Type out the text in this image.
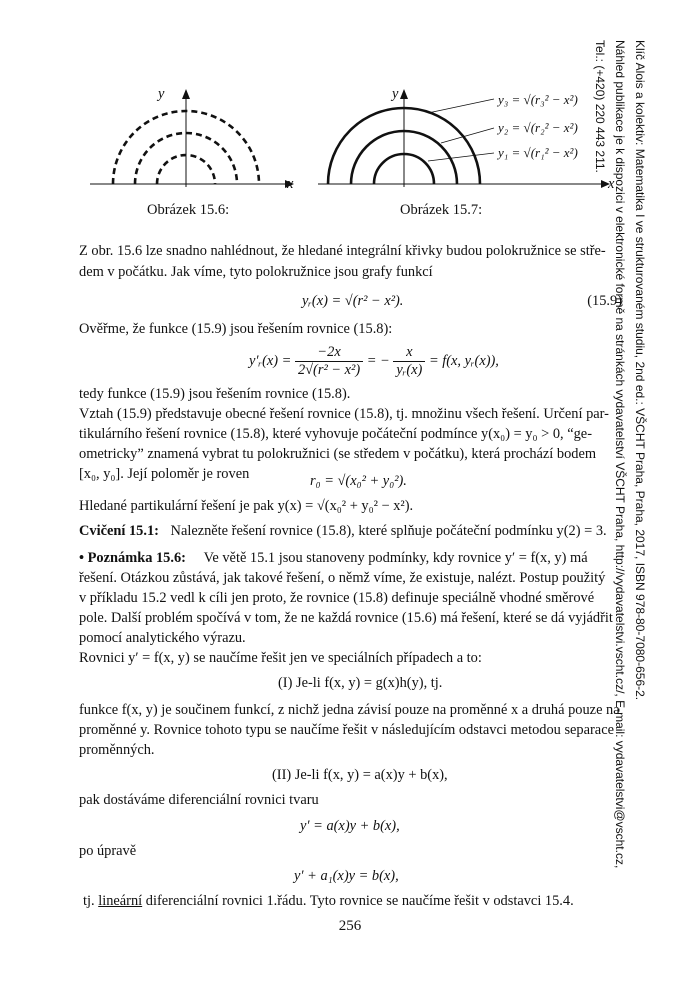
y
x
Obrázek 15.6:
y
x
y₃ = √(r₃² − x²)
y₂ = √(r₂² − x²)
y₁ = √(r₁² − x²)
Obrázek 15.7:
Z obr. 15.6 lze snadno nahlédnout, že hledané integrální křivky budou polokružnice se stře-
dem v počátku. Jak víme, tyto polokružnice jsou grafy funkcí
yᵣ(x) = √(r² − x²).	(15.9)
Ověřme, že funkce (15.9) jsou řešením rovnice (15.8):
y′ᵣ(x) = $\frac{-2x}{\text{2√(r² − x²)}}$ = − $\frac{x}{\text{yᵣ(x)}} = f(x$, yᵣ(x)),
tedy funkce (15.9) jsou řešením rovnice (15.8).
Vztah (15.9) představuje obecné řešení rovnice (15.8), tj. množinu všech řešení. Určení par-
tikulárního řešení rovnice (15.8), které vyhovuje počáteční podmínce y(x₀) = y₀ > 0, “ge-
ometricky” znamená vybrat tu polokružnici (se středem v počátku), která prochází bodem
[x₀, y₀]. Její poloměr je roven	r₀ = √(x₀² + y₀²).
Hledané partikulární řešení je pak y(x) = √(x₀² + y₀² − x²).
Cvičení 15.1: Nalezněte řešení rovnice (15.8), které splňuje počáteční podmínku y(2) = 3.
• Poznámka 15.6: Ve větě 15.1 jsou stanoveny podmínky, kdy rovnice y′ = f(x, y) má
řešení. Otázkou zůstává, jak takové řešení, o němž víme, že existuje, nalézt. Postup použitý
v příkladu 15.2 vedl k cíli jen proto, že rovnice (15.8) definuje speciálně vhodné směrové
pole. Další problém spočívá v tom, že ne každá rovnice (15.6) má řešení, které se dá vyjádřit
pomocí analytického výrazu.
Rovnici y′ = f(x, y) se naučíme řešit jen ve speciálních případech a to:
(I) Je-li f(x, y) = g(x)h(y), tj.
funkce f(x, y) je součinem funkcí, z nichž jedna závisí pouze na proměnné x a druhá pouze na
proměnné y. Rovnice tohoto typu se naučíme řešit v následujícím odstavci metodou separace
proměnných.
(II) Je-li f(x, y) = a(x)y + b(x),
pak dostáváme diferenciální rovnici tvaru
y′ = a(x)y + b(x),
po úpravě
y′ + a₁(x)y = b(x),
tj. lineární diferenciální rovnici 1.řádu. Tyto rovnice se naučíme řešit v odstavci 15.4.
256
Klíč Alois a kolektiv: Matematika I ve strukturovaném studiu, 2nd ed.: VŠCHT Praha, Praha, 2017, ISBN 978-80-7080-656-2.
Náhled publikace je k dispozici v elektronické formě na stránkách vydavatelství VŠCHT Praha, http://vydavatelstvi.vscht.cz/, E-mail: vydavatelstvi@vscht.cz, Tel.: (+420) 220 443 211.
